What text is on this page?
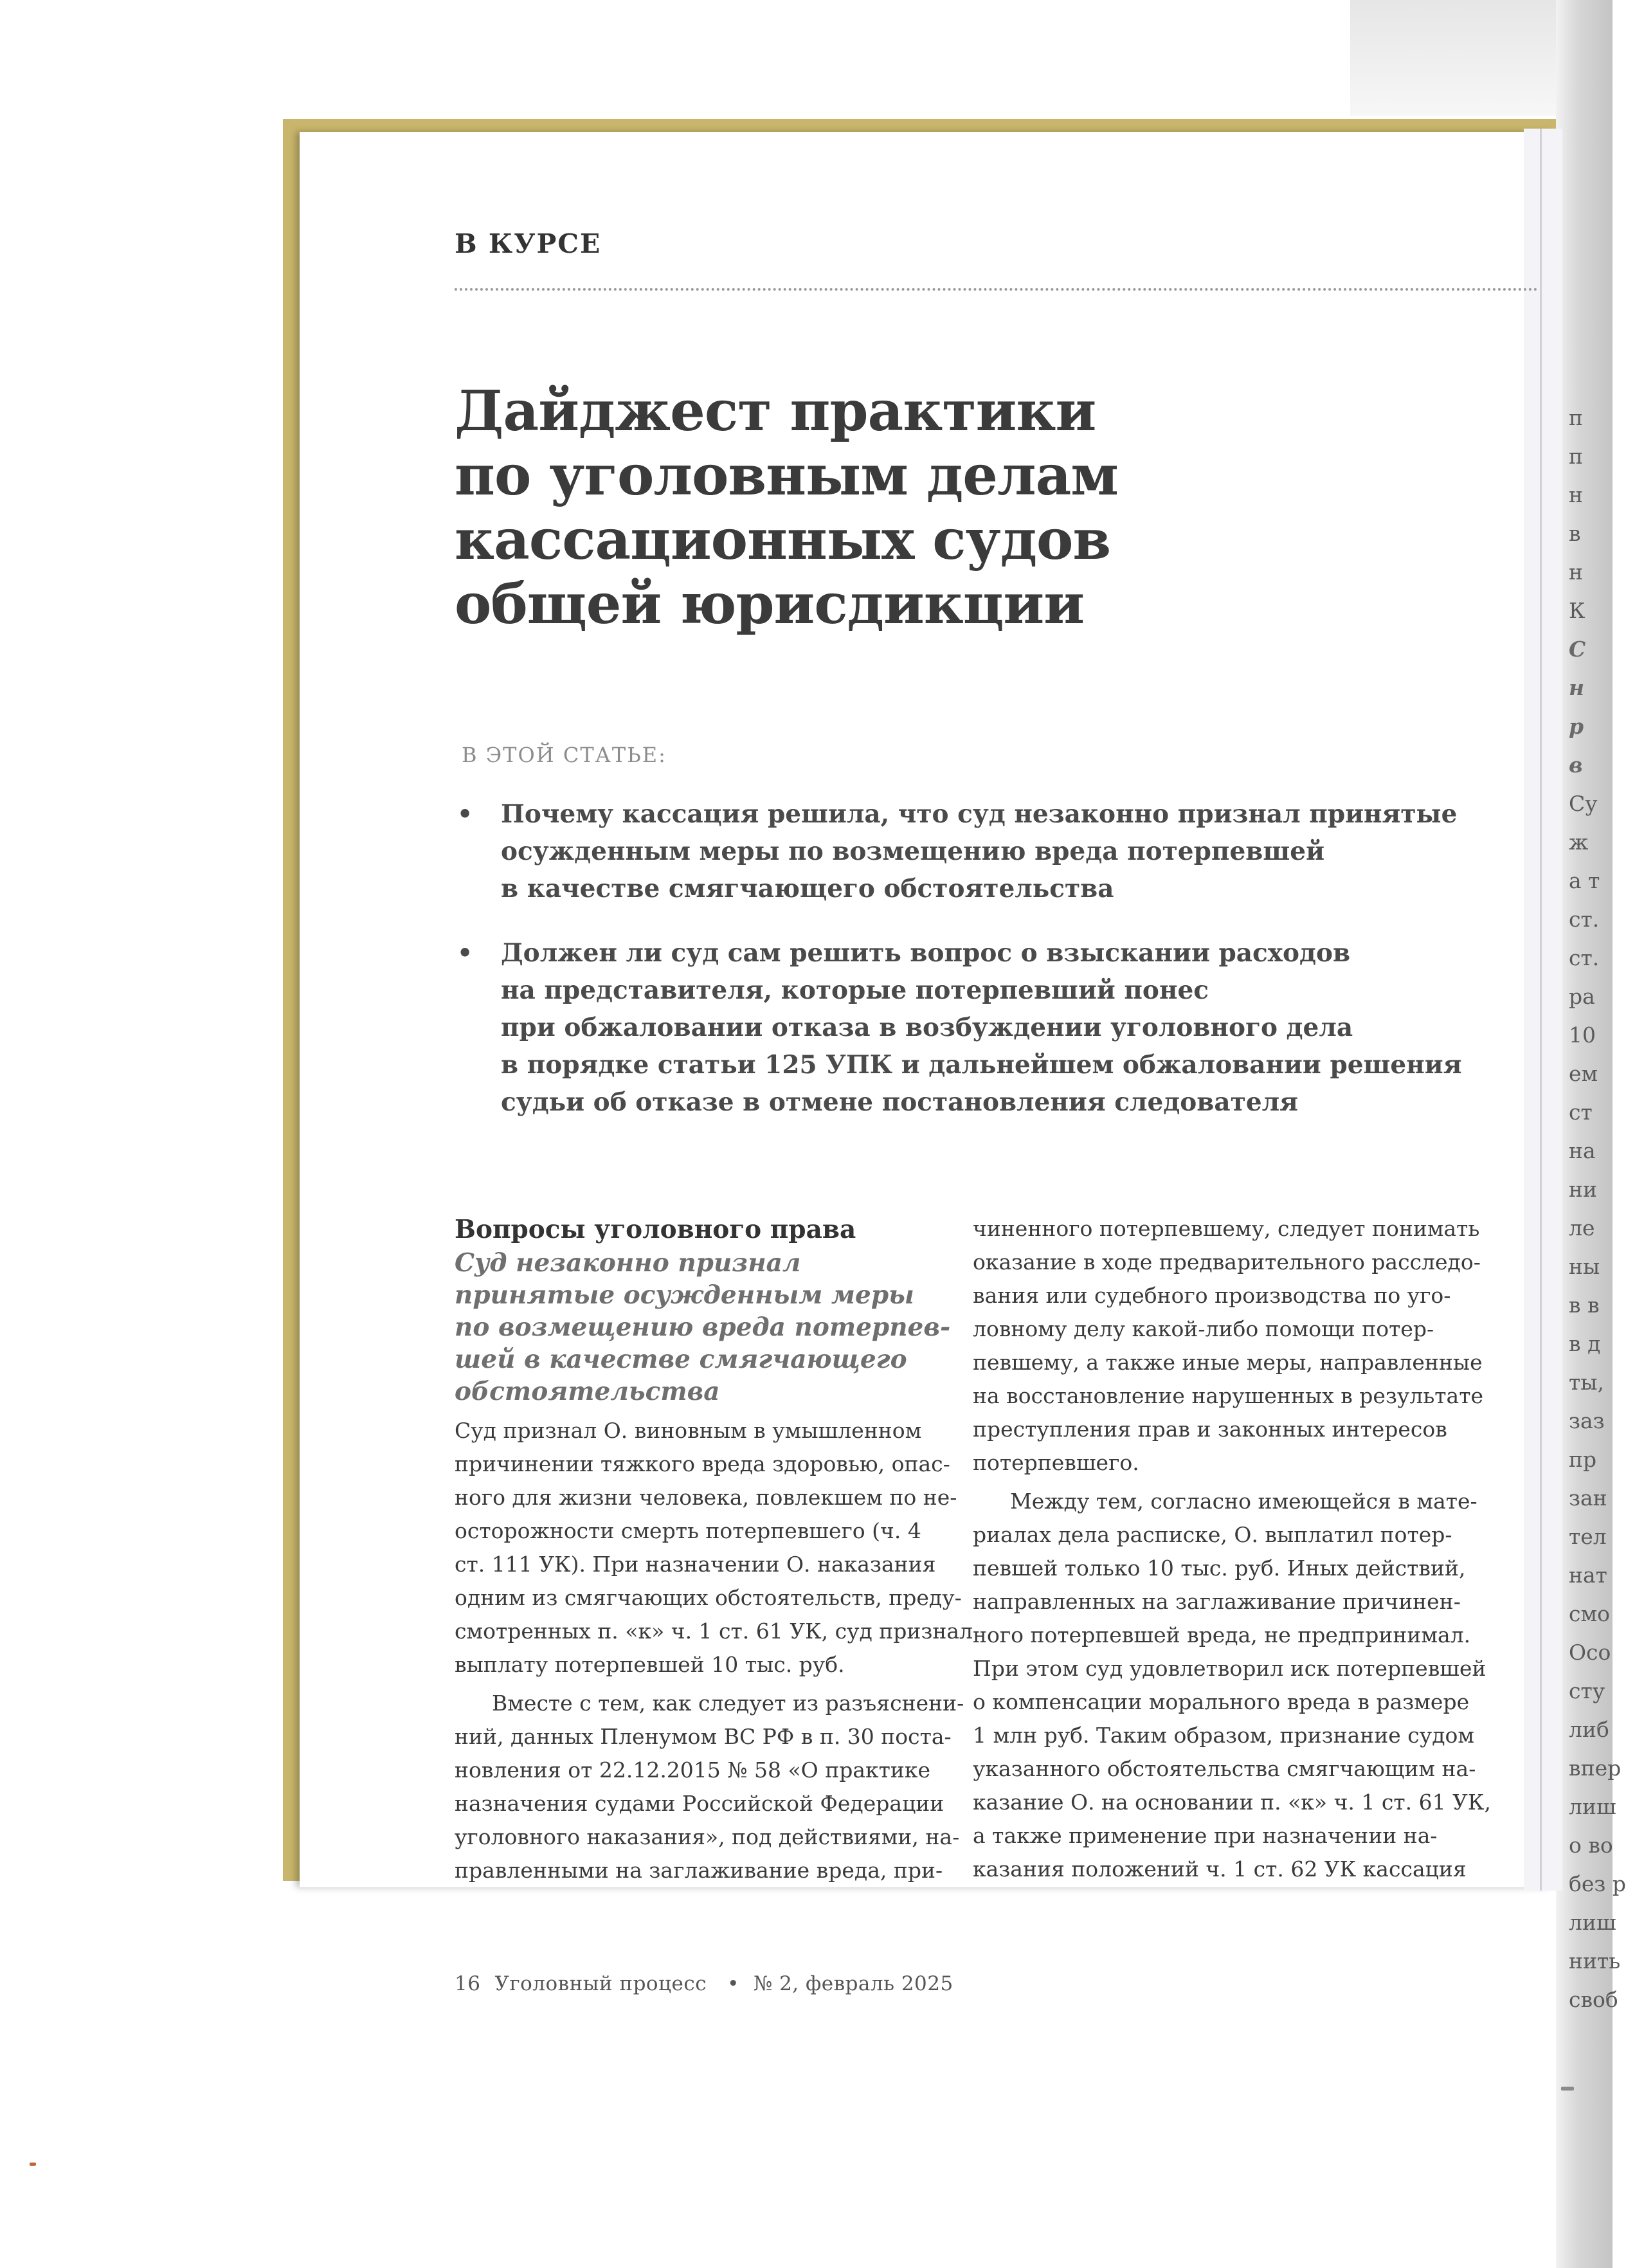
п
п
н
в
н
К
С
н
р
в
Су
ж
а т
ст.
ст.
ра
10
ем
ст
на
ни
ле
ны
в в
в д
ты,
заз
пр
зан
тел
нат
смо
Осо
сту
либ
впер
лиш
о во
без р
лиш
нить
своб
В КУРСЕ
Дайджест практики
по уголовным делам
кассационных судов
общей юрисдикции
В ЭТОЙ СТАТЬЕ:
• Почему кассация решила, что суд незаконно признал принятые
осужденным меры по возмещению вреда потерпевшей
в качестве смягчающего обстоятельства
• Должен ли суд сам решить вопрос о взыскании расходов
на представителя, которые потерпевший понес
при обжаловании отказа в возбуждении уголовного дела
в порядке статьи 125 УПК и дальнейшем обжаловании решения
судьи об отказе в отмене постановления следователя
Вопросы уголовного права
Суд незаконно признал
принятые осужденным меры
по возмещению вреда потерпев-
шей в качестве смягчающего
обстоятельства
Суд признал О. виновным в умышленном
причинении тяжкого вреда здоровью, опас-
ного для жизни человека, повлекшем по не-
осторожности смерть потерпевшего (ч. 4
ст. 111 УК). При назначении О. наказания
одним из смягчающих обстоятельств, преду-
смотренных п. «к» ч. 1 ст. 61 УК, суд признал
выплату потерпевшей 10 тыс. руб.
Вместе с тем, как следует из разъяснени-
ний, данных Пленумом ВС РФ в п. 30 поста-
новления от 22.12.2015 № 58 «О практике
назначения судами Российской Федерации
уголовного наказания», под действиями, на-
правленными на заглаживание вреда, при-
чиненного потерпевшему, следует понимать
оказание в ходе предварительного расследо-
вания или судебного производства по уго-
ловному делу какой-либо помощи потер-
певшему, а также иные меры, направленные
на восстановление нарушенных в результате
преступления прав и законных интересов
потерпевшего.
Между тем, согласно имеющейся в мате-
риалах дела расписке, О. выплатил потер-
певшей только 10 тыс. руб. Иных действий,
направленных на заглаживание причинен-
ного потерпевшей вреда, не предпринимал.
При этом суд удовлетворил иск потерпевшей
о компенсации морального вреда в размере
1 млн руб. Таким образом, признание судом
указанного обстоятельства смягчающим на-
казание О. на основании п. «к» ч. 1 ст. 61 УК,
а также применение при назначении на-
казания положений ч. 1 ст. 62 УК кассация
16 Уголовный процесс • № 2, февраль 2025
